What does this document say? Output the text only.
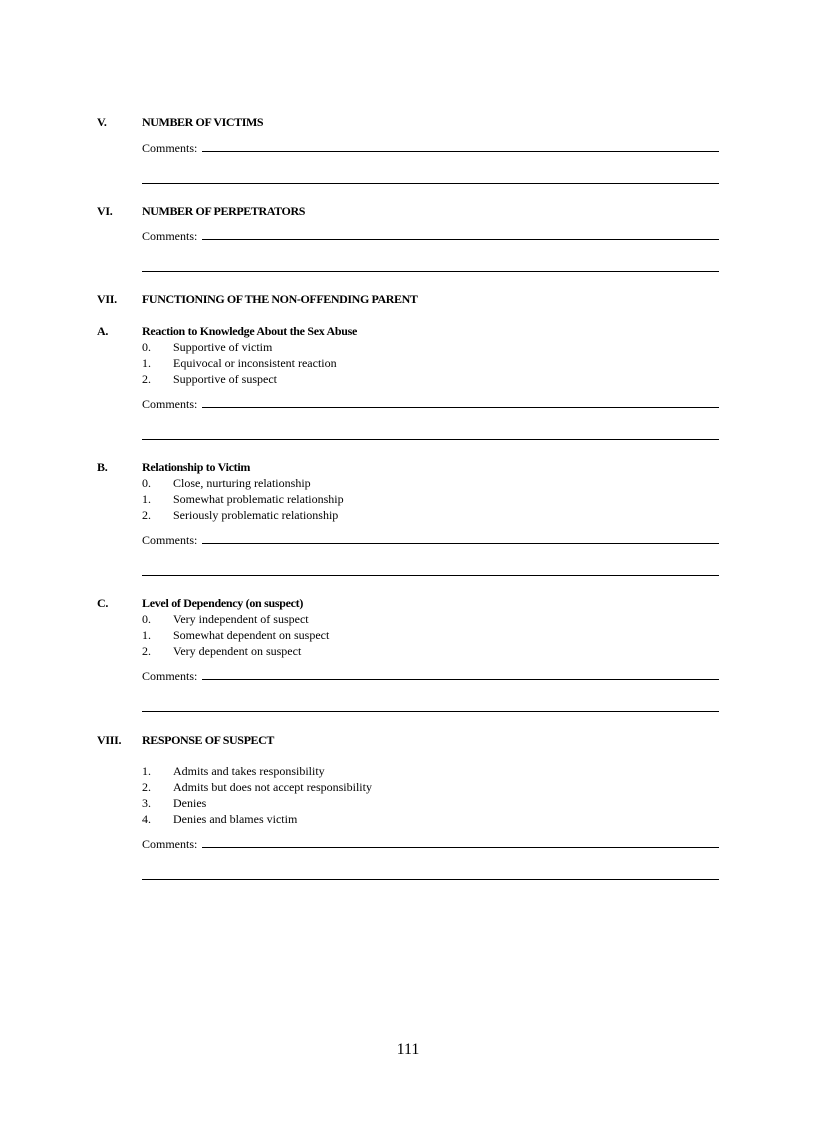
V.	NUMBER OF VICTIMS
Comments:
VI. NUMBER OF PERPETRATORS
Comments:
VII. FUNCTIONING OF THE NON-OFFENDING PARENT
A.	Reaction to Knowledge About the Sex Abuse
0. Supportive of victim
1. Equivocal or inconsistent reaction
2. Supportive of suspect
Comments:
B.	Relationship to Victim
0. Close, nurturing relationship
1. Somewhat problematic relationship
2. Seriously problematic relationship
Comments:
C.	Level of Dependency (on suspect)
0. Very independent of suspect
1. Somewhat dependent on suspect
2. Very dependent on suspect
Comments:
VIII. RESPONSE OF SUSPECT
1. Admits and takes responsibility
2. Admits but does not accept responsibility
3. Denies
4. Denies and blames victim
Comments:
111
